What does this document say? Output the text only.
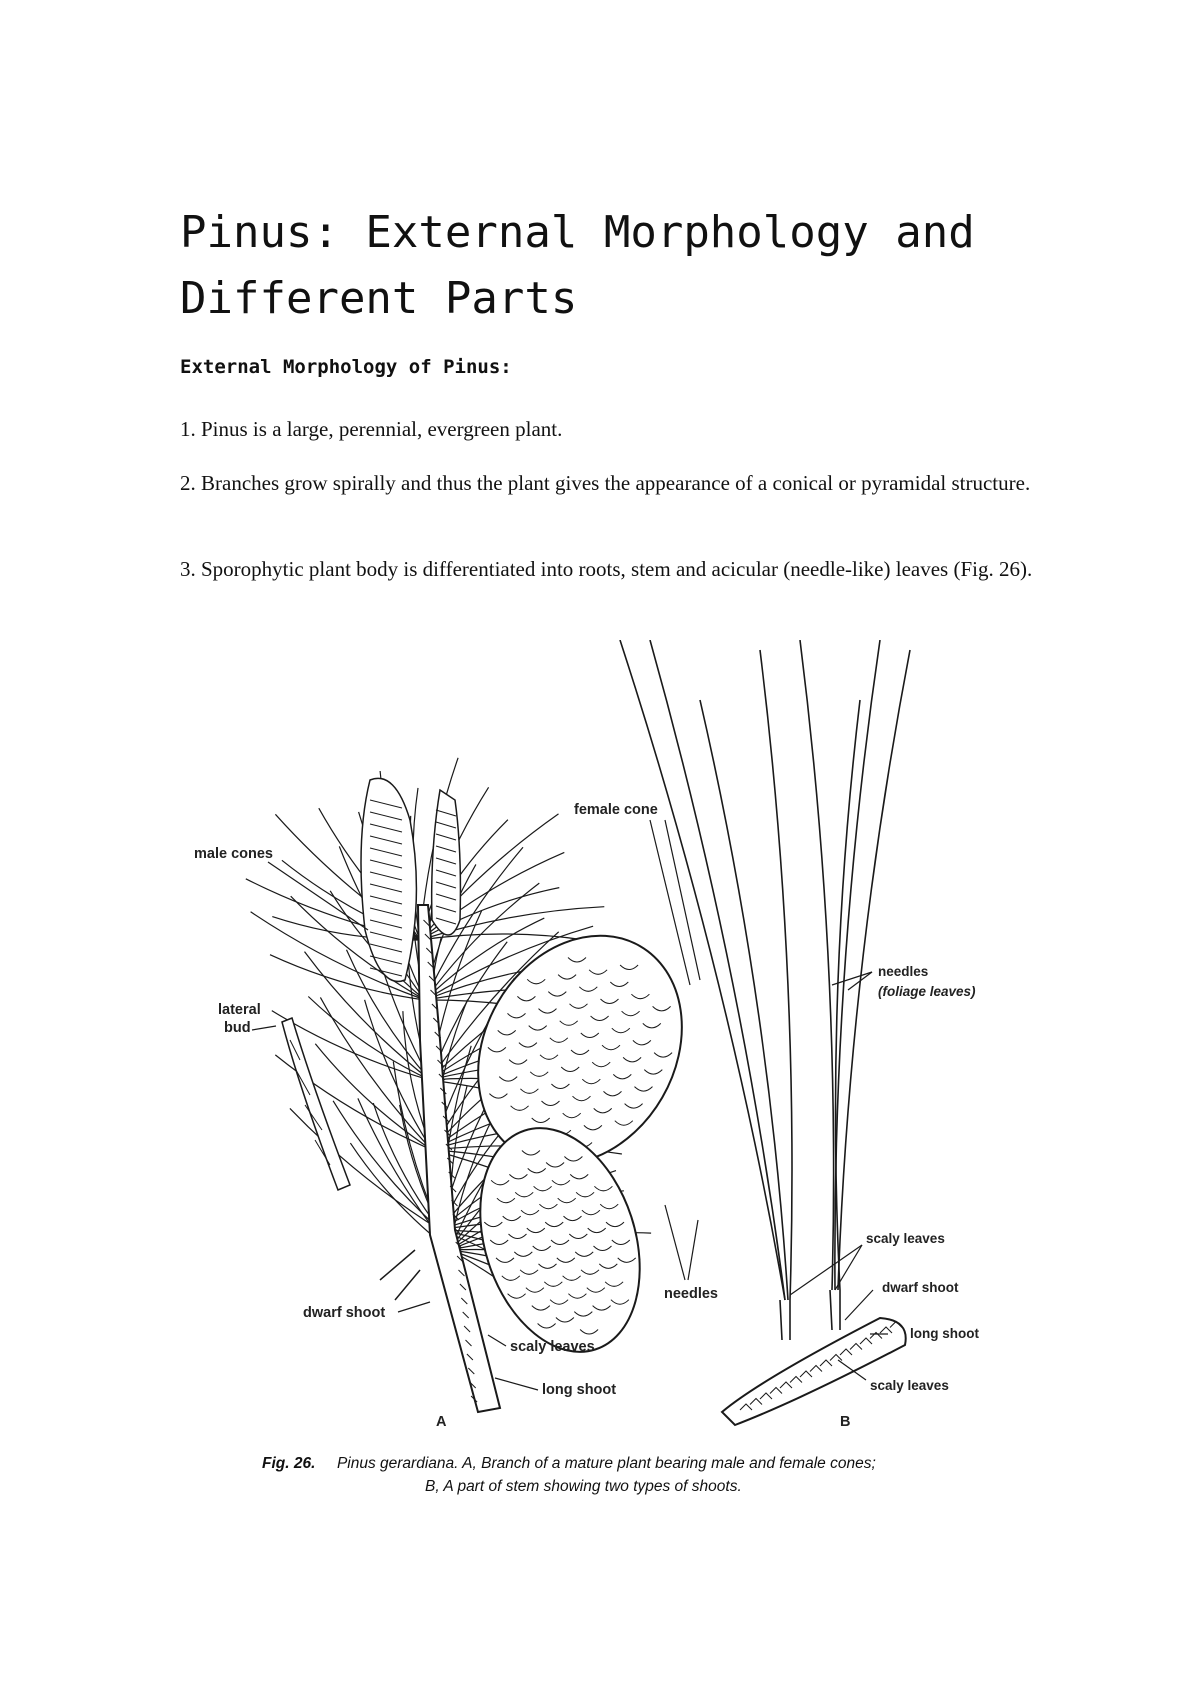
Pinus: External Morphology and Different Parts
External Morphology of Pinus:

1. Pinus is a large, perennial, evergreen plant.

2. Branches grow spirally and thus the plant gives the appearance of a conical or pyramidal structure.

3. Sporophytic plant body is differentiated into roots, stem and acicular (needle-like) leaves (Fig. 26).

male cones
female cone
lateral
bud
dwarf shoot
scaly leaves
long shoot
needles
A
needles
(foliage leaves)
scaly leaves
dwarf shoot
long shoot
scaly leaves
B
Fig. 26. Pinus gerardiana. A, Branch of a mature plant bearing male and female cones;
B, A part of stem showing two types of shoots.
